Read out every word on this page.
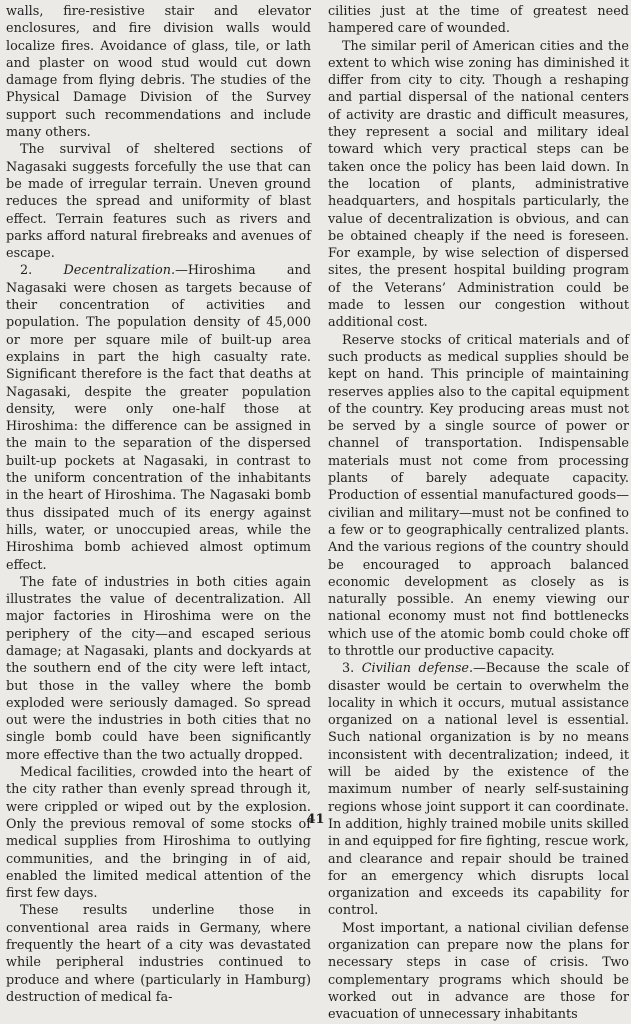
walls, fire-resistive stair and elevator enclosures, and fire division walls would localize fires. Avoidance of glass, tile, or lath and plaster on wood stud would cut down damage from flying debris. The studies of the Physical Damage Division of the Survey support such recommendations and include many others.

The survival of sheltered sections of Nagasaki suggests forcefully the use that can be made of irregular terrain. Uneven ground reduces the spread and uniformity of blast effect. Terrain features such as rivers and parks afford natural firebreaks and avenues of escape.

2. Decentralization.—Hiroshima and Nagasaki were chosen as targets because of their concentration of activities and population. The population density of 45,000 or more per square mile of built-up area explains in part the high casualty rate. Significant therefore is the fact that deaths at Nagasaki, despite the greater population density, were only one-half those at Hiroshima: the difference can be assigned in the main to the separation of the dispersed built-up pockets at Nagasaki, in contrast to the uniform concentration of the inhabitants in the heart of Hiroshima. The Nagasaki bomb thus dissipated much of its energy against hills, water, or unoccupied areas, while the Hiroshima bomb achieved almost optimum effect.

The fate of industries in both cities again illustrates the value of decentralization. All major factories in Hiroshima were on the periphery of the city—and escaped serious damage; at Nagasaki, plants and dockyards at the southern end of the city were left intact, but those in the valley where the bomb exploded were seriously damaged. So spread out were the industries in both cities that no single bomb could have been significantly more effective than the two actually dropped.

Medical facilities, crowded into the heart of the city rather than evenly spread through it, were crippled or wiped out by the explosion. Only the previous removal of some stocks of medical supplies from Hiroshima to outlying communities, and the bringing in of aid, enabled the limited medical attention of the first few days.

These results underline those in conventional area raids in Germany, where frequently the heart of a city was devastated while peripheral industries continued to produce and where (particularly in Hamburg) destruction of medical fa-

cilities just at the time of greatest need hampered care of wounded.

The similar peril of American cities and the extent to which wise zoning has diminished it differ from city to city. Though a reshaping and partial dispersal of the national centers of activity are drastic and difficult measures, they represent a social and military ideal toward which very practical steps can be taken once the policy has been laid down. In the location of plants, administrative headquarters, and hospitals particularly, the value of decentralization is obvious, and can be obtained cheaply if the need is foreseen. For example, by wise selection of dispersed sites, the present hospital building program of the Veterans’ Administration could be made to lessen our congestion without additional cost.

Reserve stocks of critical materials and of such products as medical supplies should be kept on hand. This principle of maintaining reserves applies also to the capital equipment of the country. Key producing areas must not be served by a single source of power or channel of transportation. Indispensable materials must not come from processing plants of barely adequate capacity. Production of essential manufactured goods—civilian and military—must not be confined to a few or to geographically centralized plants. And the various regions of the country should be encouraged to approach balanced economic development as closely as is naturally possible. An enemy viewing our national economy must not find bottlenecks which use of the atomic bomb could choke off to throttle our productive capacity.

3. Civilian defense.—Because the scale of disaster would be certain to overwhelm the locality in which it occurs, mutual assistance organized on a national level is essential. Such national organization is by no means inconsistent with decentralization; indeed, it will be aided by the existence of the maximum number of nearly self-sustaining regions whose joint support it can coordinate. In addition, highly trained mobile units skilled in and equipped for fire fighting, rescue work, and clearance and repair should be trained for an emergency which disrupts local organization and exceeds its capability for control.

Most important, a national civilian defense organization can prepare now the plans for necessary steps in case of crisis. Two complementary programs which should be worked out in advance are those for evacuation of unnecessary inhabitants

41
